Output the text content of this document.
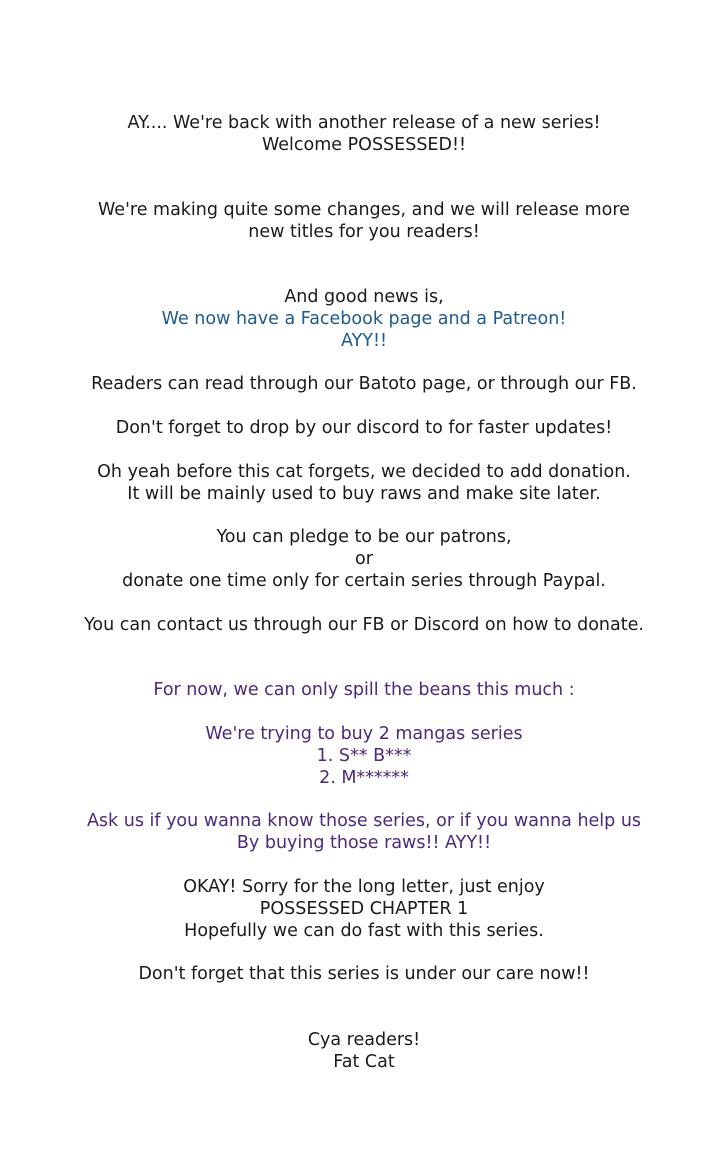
AY.... We're back with another release of a new series!
Welcome POSSESSED!!
We're making quite some changes, and we will release more
new titles for you readers!
And good news is,
We now have a Facebook page and a Patreon!
AYY!!
Readers can read through our Batoto page, or through our FB.
Don't forget to drop by our discord to for faster updates!
Oh yeah before this cat forgets, we decided to add donation.
It will be mainly used to buy raws and make site later.
You can pledge to be our patrons,
or
donate one time only for certain series through Paypal.
You can contact us through our FB or Discord on how to donate.
For now, we can only spill the beans this much :
We're trying to buy 2 mangas series
1. S** B***
2. M******
Ask us if you wanna know those series, or if you wanna help us
By buying those raws!! AYY!!
OKAY! Sorry for the long letter, just enjoy
POSSESSED CHAPTER 1
Hopefully we can do fast with this series.
Don't forget that this series is under our care now!!
Cya readers!
Fat Cat
